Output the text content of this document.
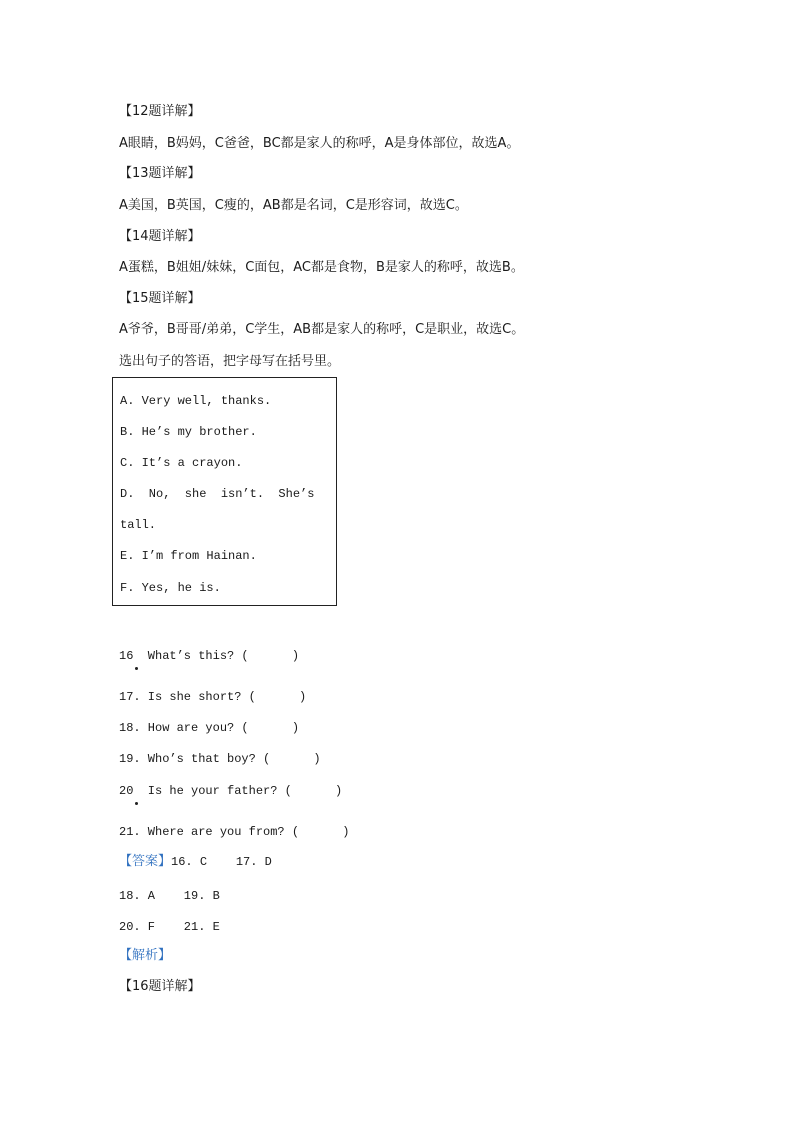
【12题详解】
A眼睛，B妈妈，C爸爸，BC都是家人的称呼，A是身体部位，故选A。
【13题详解】
A美国，B英国，C瘦的，AB都是名词，C是形容词，故选C。
【14题详解】
A蛋糕，B姐姐/妹妹，C面包，AC都是食物，B是家人的称呼，故选B。
【15题详解】
A爷爷，B哥哥/弟弟，C学生，AB都是家人的称呼，C是职业，故选C。
选出句子的答语，把字母写在括号里。
A. Very well, thanks.
B. He’s my brother.
C. It’s a crayon.
D.  No,  she  isn’t.  She’s
tall.
E. I’m from Hainan.
F. Yes, he is.
16  What’s this? (      )
17. Is she short? (      )
18. How are you? (      )
19. Who’s that boy? (      )
20  Is he your father? (      )
21. Where are you from? (      )
【答案】16. C    17. D
18. A    19. B
20. F    21. E
【解析】
【16题详解】
